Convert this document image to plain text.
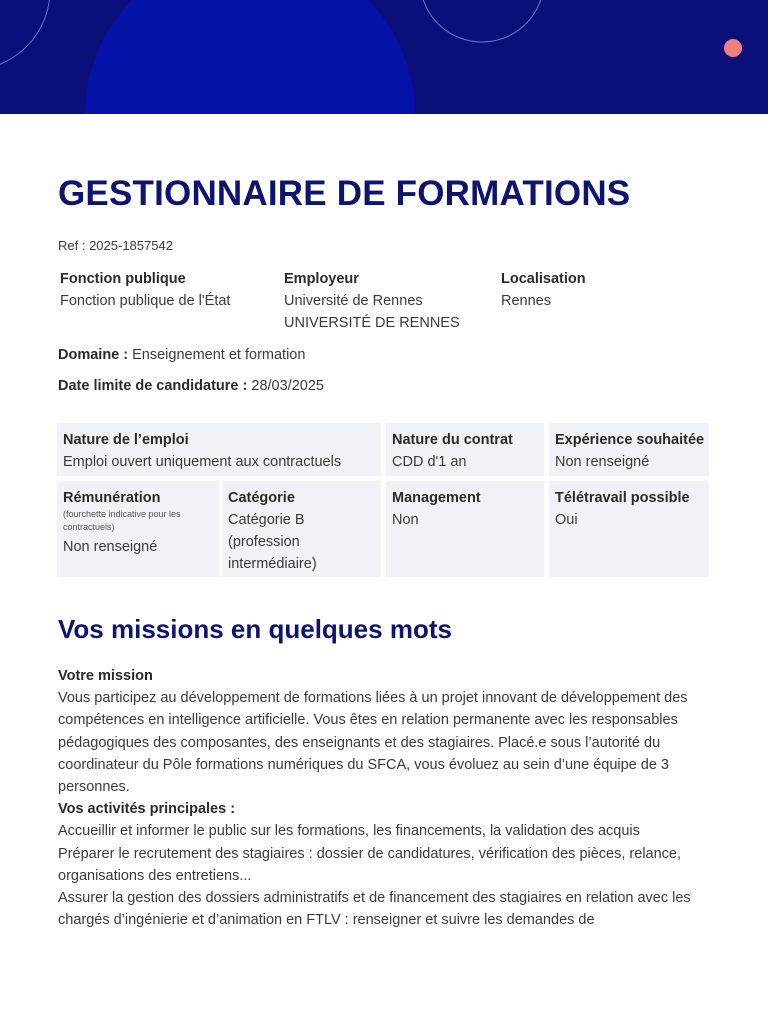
GESTIONNAIRE DE FORMATIONS
Ref : 2025-1857542
Fonction publique
Fonction publique de l'État
Employeur
Université de Rennes
UNIVERSITÉ DE RENNES
Localisation
Rennes
Domaine : Enseignement et formation
Date limite de candidature : 28/03/2025
Nature de l’emploi
Emploi ouvert uniquement aux contractuels
Nature du contrat
CDD d'1 an
Expérience souhaitée
Non renseigné
Rémunération
(fourchette indicative pour les contractuels)
Non renseigné
Catégorie
Catégorie B (profession intermédiaire)
Management
Non
Télétravail possible
Oui
Vos missions en quelques mots

Votre mission

Vous participez au développement de formations liées à un projet innovant de développement des compétences en intelligence artificielle. Vous êtes en relation permanente avec les responsables pédagogiques des composantes, des enseignants et des stagiaires. Placé.e sous l’autorité du coordinateur du Pôle formations numériques du SFCA, vous évoluez au sein d’une équipe de 3 personnes.

Vos activités principales :

Accueillir et informer le public sur les formations, les financements, la validation des acquis

Préparer le recrutement des stagiaires : dossier de candidatures, vérification des pièces, relance, organisations des entretiens...

Assurer la gestion des dossiers administratifs et de financement des stagiaires en relation avec les chargés d’ingénierie et d’animation en FTLV : renseigner et suivre les demandes de
